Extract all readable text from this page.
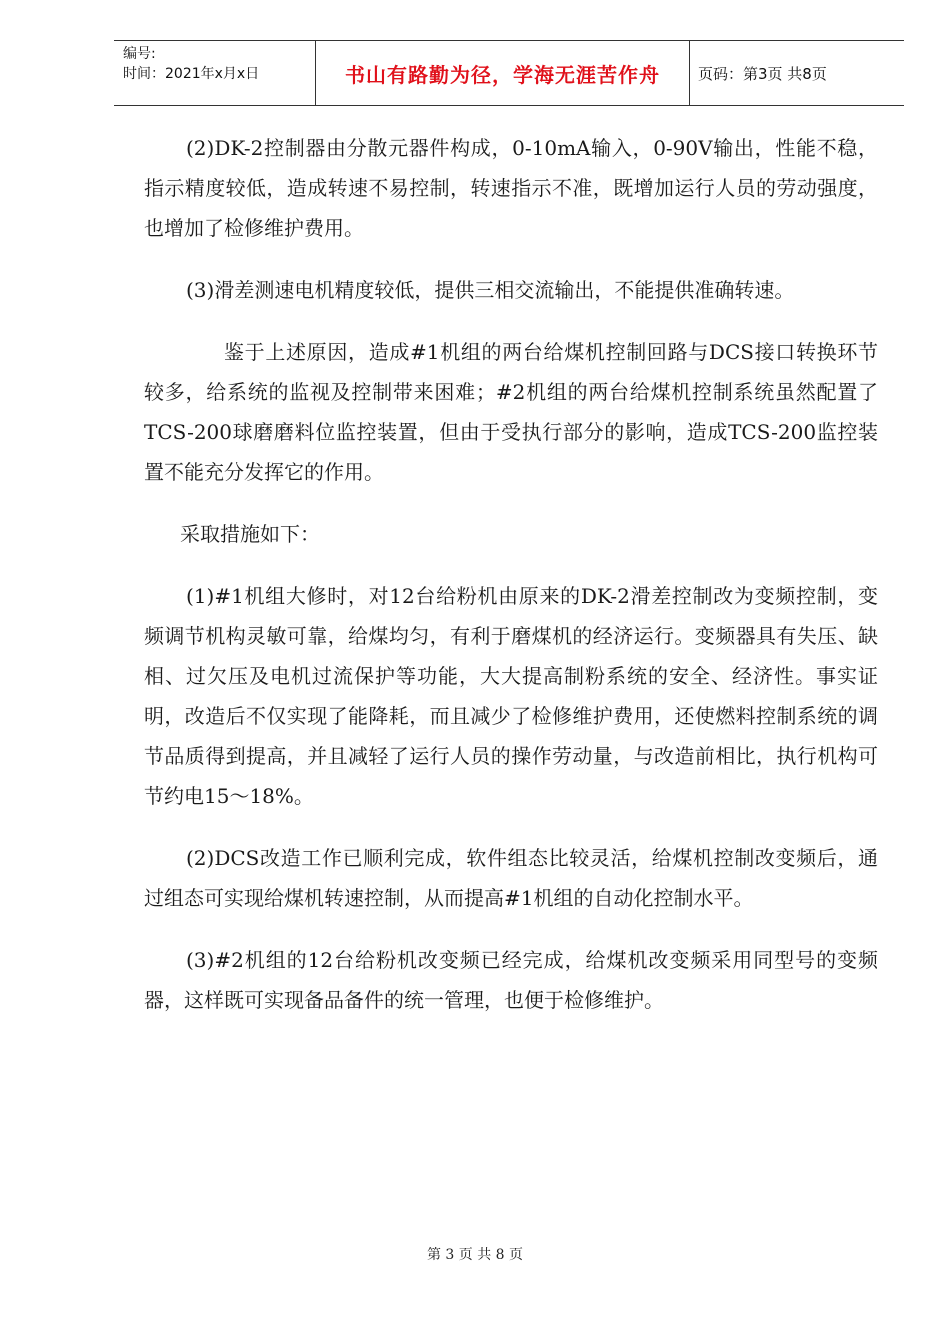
编号:
时间：2021年x月x日	书山有路勤为径，学海无涯苦作舟	页码：第3页 共8页

(2)DK-2控制器由分散元器件构成，0-10mA输入，0-90V输出，性能不稳，指示精度较低，造成转速不易控制，转速指示不准，既增加运行人员的劳动强度，也增加了检修维护费用。

(3)滑差测速电机精度较低，提供三相交流输出，不能提供准确转速。

鉴于上述原因，造成#1机组的两台给煤机控制回路与DCS接口转换环节较多，给系统的监视及控制带来困难；#2机组的两台给煤机控制系统虽然配置了TCS-200球磨磨料位监控装置，但由于受执行部分的影响，造成TCS-200监控装置不能充分发挥它的作用。

采取措施如下：

(1)#1机组大修时，对12台给粉机由原来的DK-2滑差控制改为变频控制，变频调节机构灵敏可靠，给煤均匀，有利于磨煤机的经济运行。变频器具有失压、缺相、过欠压及电机过流保护等功能，大大提高制粉系统的安全、经济性。事实证明，改造后不仅实现了能降耗，而且减少了检修维护费用，还使燃料控制系统的调节品质得到提高，并且减轻了运行人员的操作劳动量，与改造前相比，执行机构可节约电15～18%。

(2)DCS改造工作已顺利完成，软件组态比较灵活，给煤机控制改变频后，通过组态可实现给煤机转速控制，从而提高#1机组的自动化控制水平。

(3)#2机组的12台给粉机改变频已经完成，给煤机改变频采用同型号的变频器，这样既可实现备品备件的统一管理，也便于检修维护。

第 3 页 共 8 页
